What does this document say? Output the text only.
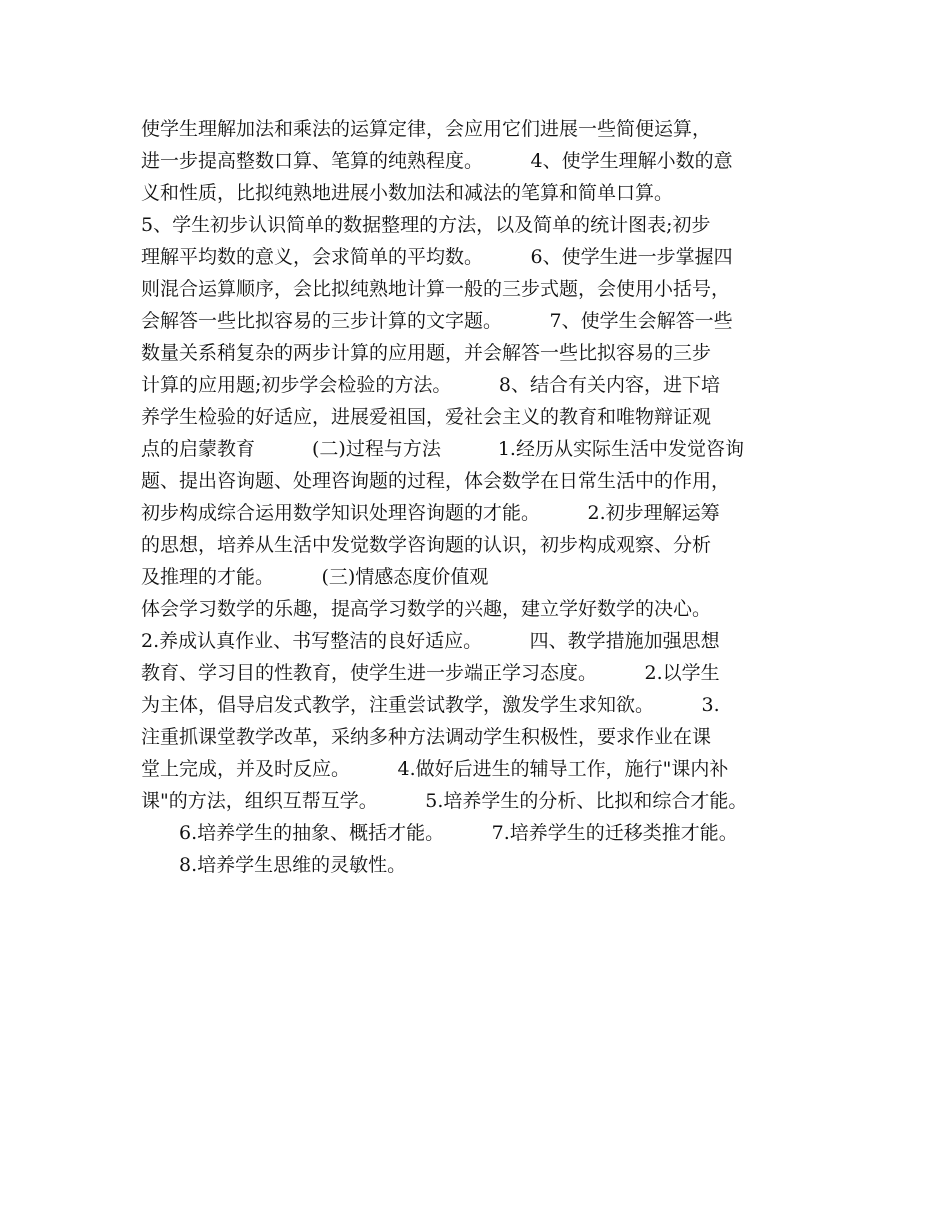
使学生理解加法和乘法的运算定律，会应用它们进展一些简便运算，
进一步提高整数口算、笔算的纯熟程度。　　　4、使学生理解小数的意
义和性质，比拟纯熟地进展小数加法和减法的笔算和简单口算。
5、学生初步认识简单的数据整理的方法，以及简单的统计图表;初步
理解平均数的意义，会求简单的平均数。　　　6、使学生进一步掌握四
则混合运算顺序，会比拟纯熟地计算一般的三步式题，会使用小括号，
会解答一些比拟容易的三步计算的文字题。　　　7、使学生会解答一些
数量关系稍复杂的两步计算的应用题，并会解答一些比拟容易的三步
计算的应用题;初步学会检验的方法。　　　8、结合有关内容，进下培
养学生检验的好适应，进展爱祖国，爱社会主义的教育和唯物辩证观
点的启蒙教育　　　(二)过程与方法　　　1.经历从实际生活中发觉咨询
题、提出咨询题、处理咨询题的过程，体会数学在日常生活中的作用，
初步构成综合运用数学知识处理咨询题的才能。　　　2.初步理解运筹
的思想，培养从生活中发觉数学咨询题的认识，初步构成观察、分析
及推理的才能。　　　(三)情感态度价值观
体会学习数学的乐趣，提高学习数学的兴趣，建立学好数学的决心。
2.养成认真作业、书写整洁的良好适应。　　　四、教学措施加强思想
教育、学习目的性教育，使学生进一步端正学习态度。　　　2.以学生
为主体，倡导启发式教学，注重尝试教学，激发学生求知欲。　　　3.
注重抓课堂教学改革，采纳多种方法调动学生积极性，要求作业在课
堂上完成，并及时反应。　　　4.做好后进生的辅导工作，施行"课内补
课"的方法，组织互帮互学。　　　5.培养学生的分析、比拟和综合才能。
　　6.培养学生的抽象、概括才能。　　　7.培养学生的迁移类推才能。
　　8.培养学生思维的灵敏性。
